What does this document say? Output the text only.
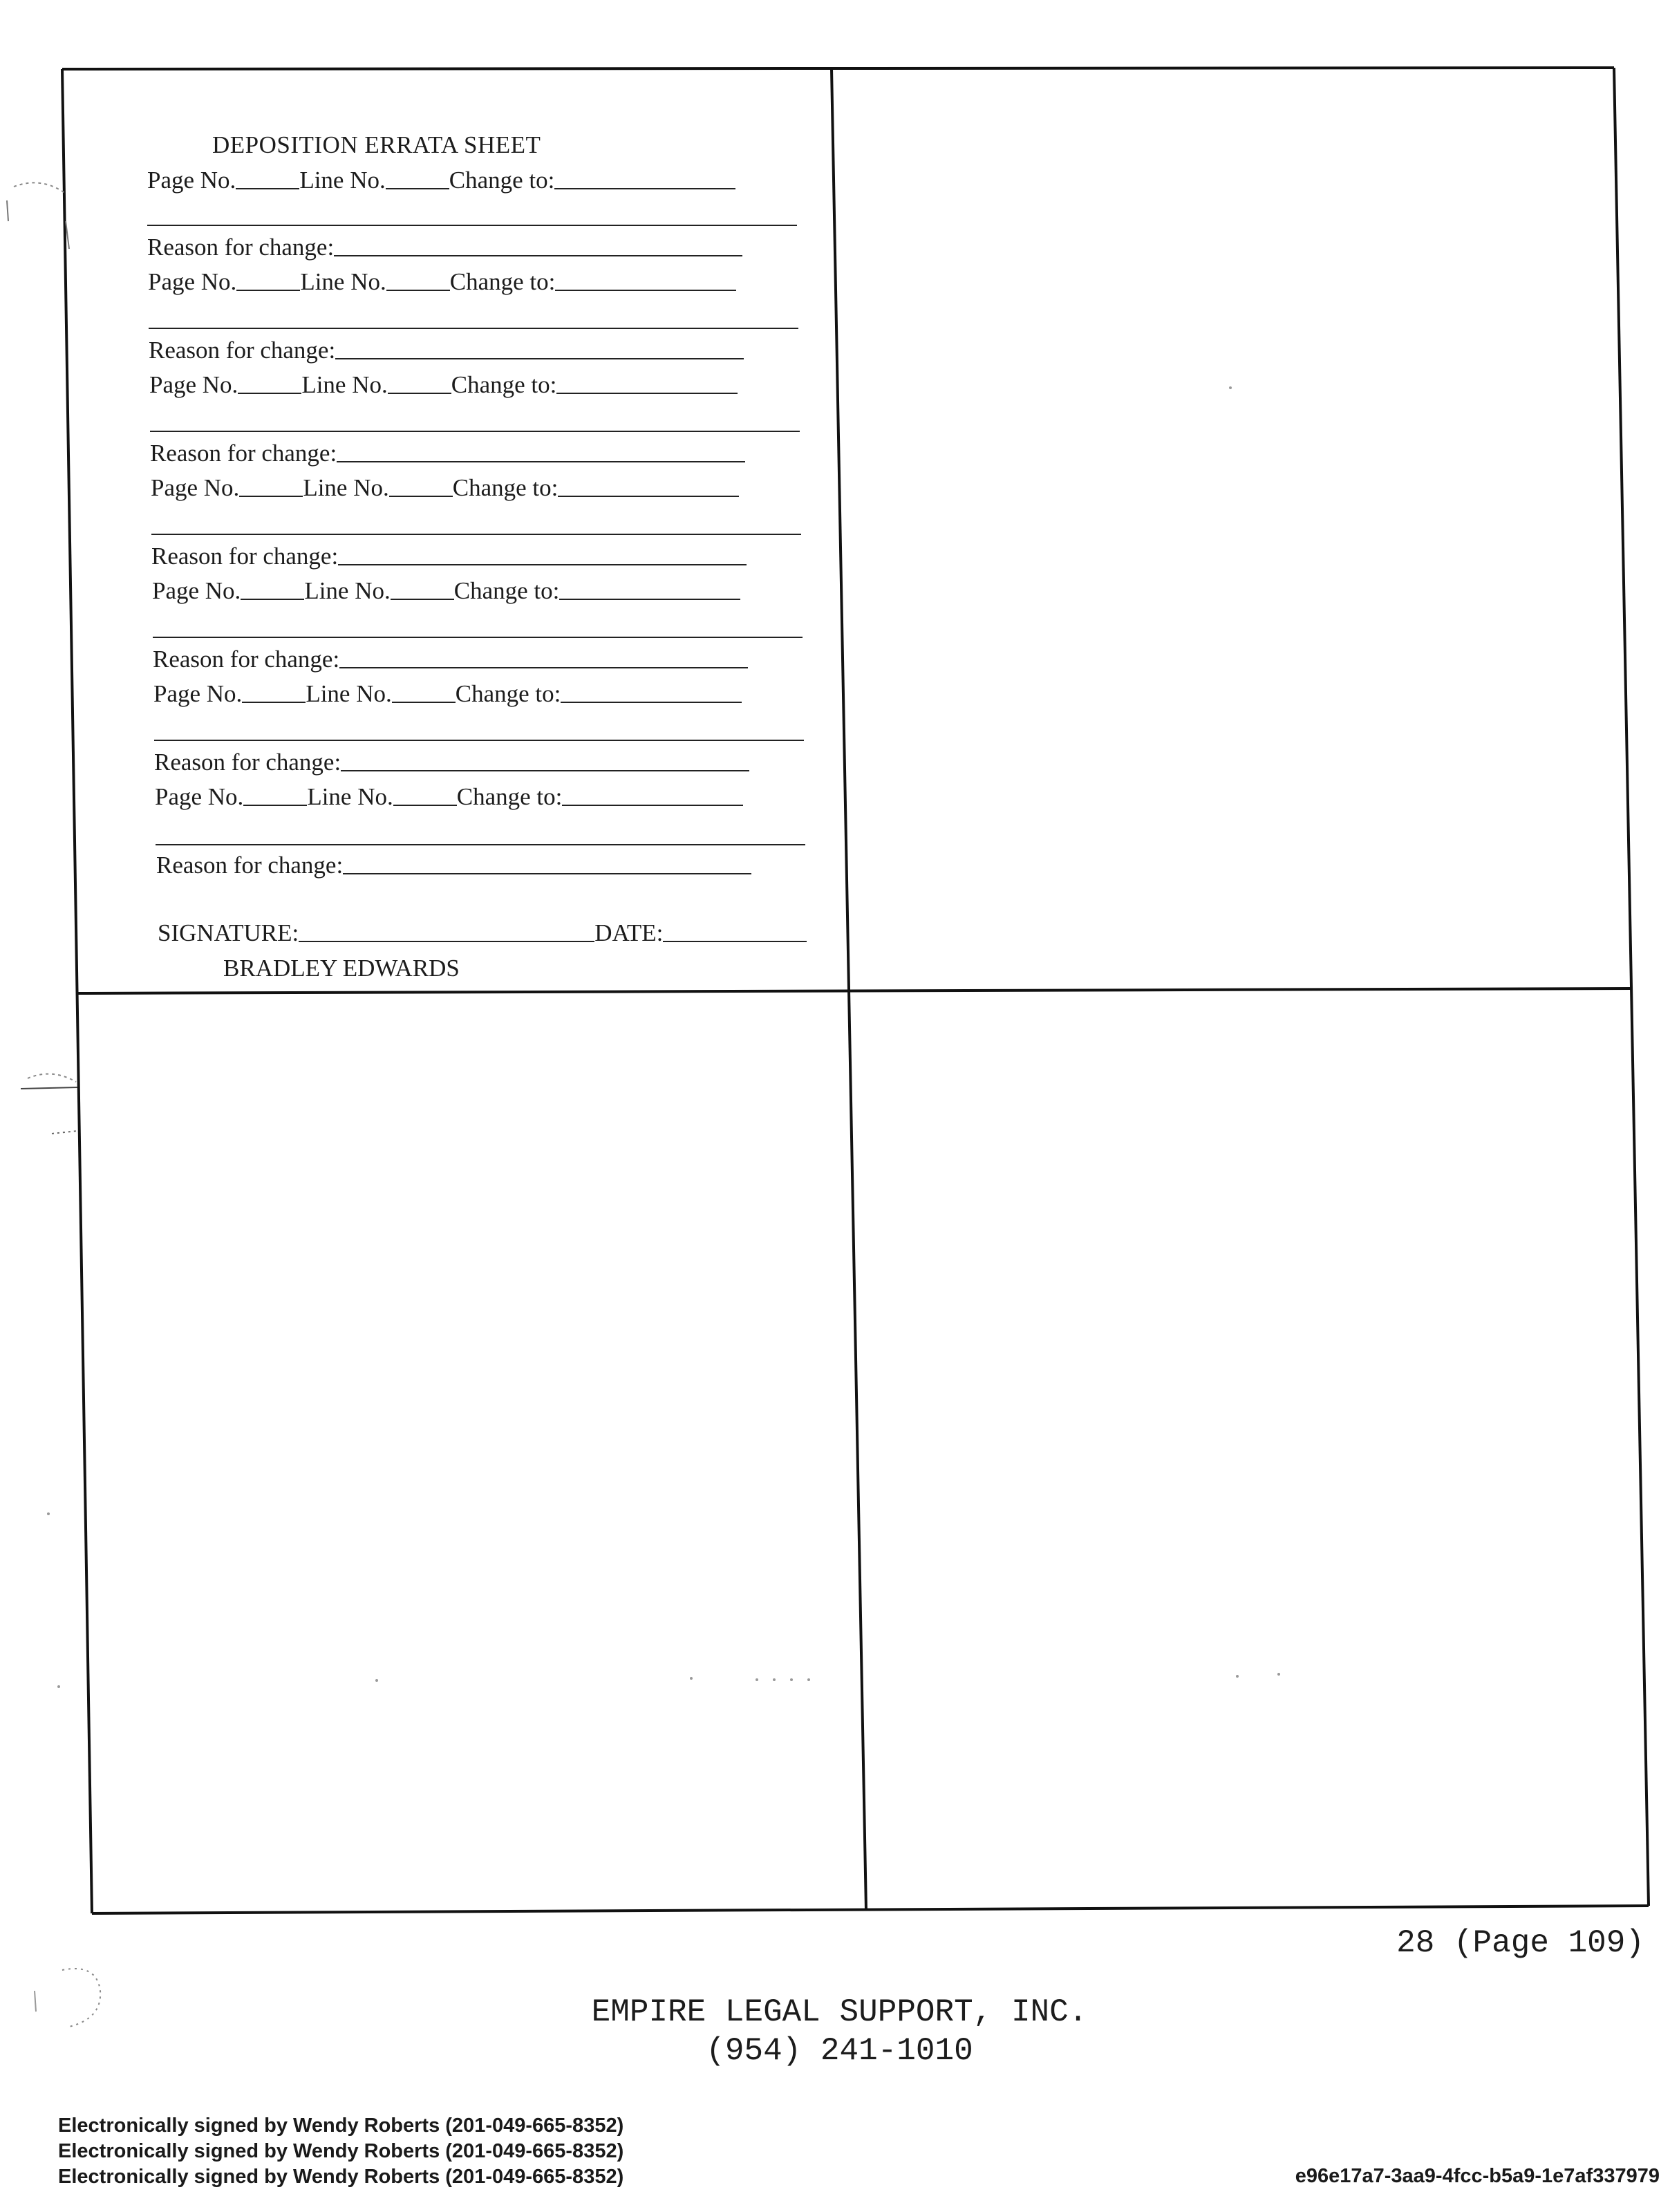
DEPOSITION ERRATA SHEET
Page No.	Line No.	Change to:
Reason for change:
Page No.	Line No.	Change to:
Reason for change:
Page No.	Line No.	Change to:
Reason for change:
Page No.	Line No.	Change to:
Reason for change:
Page No.	Line No.	Change to:
Reason for change:
Page No.	Line No.	Change to:
Reason for change:
Page No.	Line No.	Change to:
Reason for change:
SIGNATURE:	DATE:
BRADLEY EDWARDS
28 (Page 109)
EMPIRE LEGAL SUPPORT, INC.
(954) 241-1010
Electronically signed by Wendy Roberts (201-049-665-8352)
Electronically signed by Wendy Roberts (201-049-665-8352)
Electronically signed by Wendy Roberts (201-049-665-8352)	e96e17a7-3aa9-4fcc-b5a9-1e7af337979
